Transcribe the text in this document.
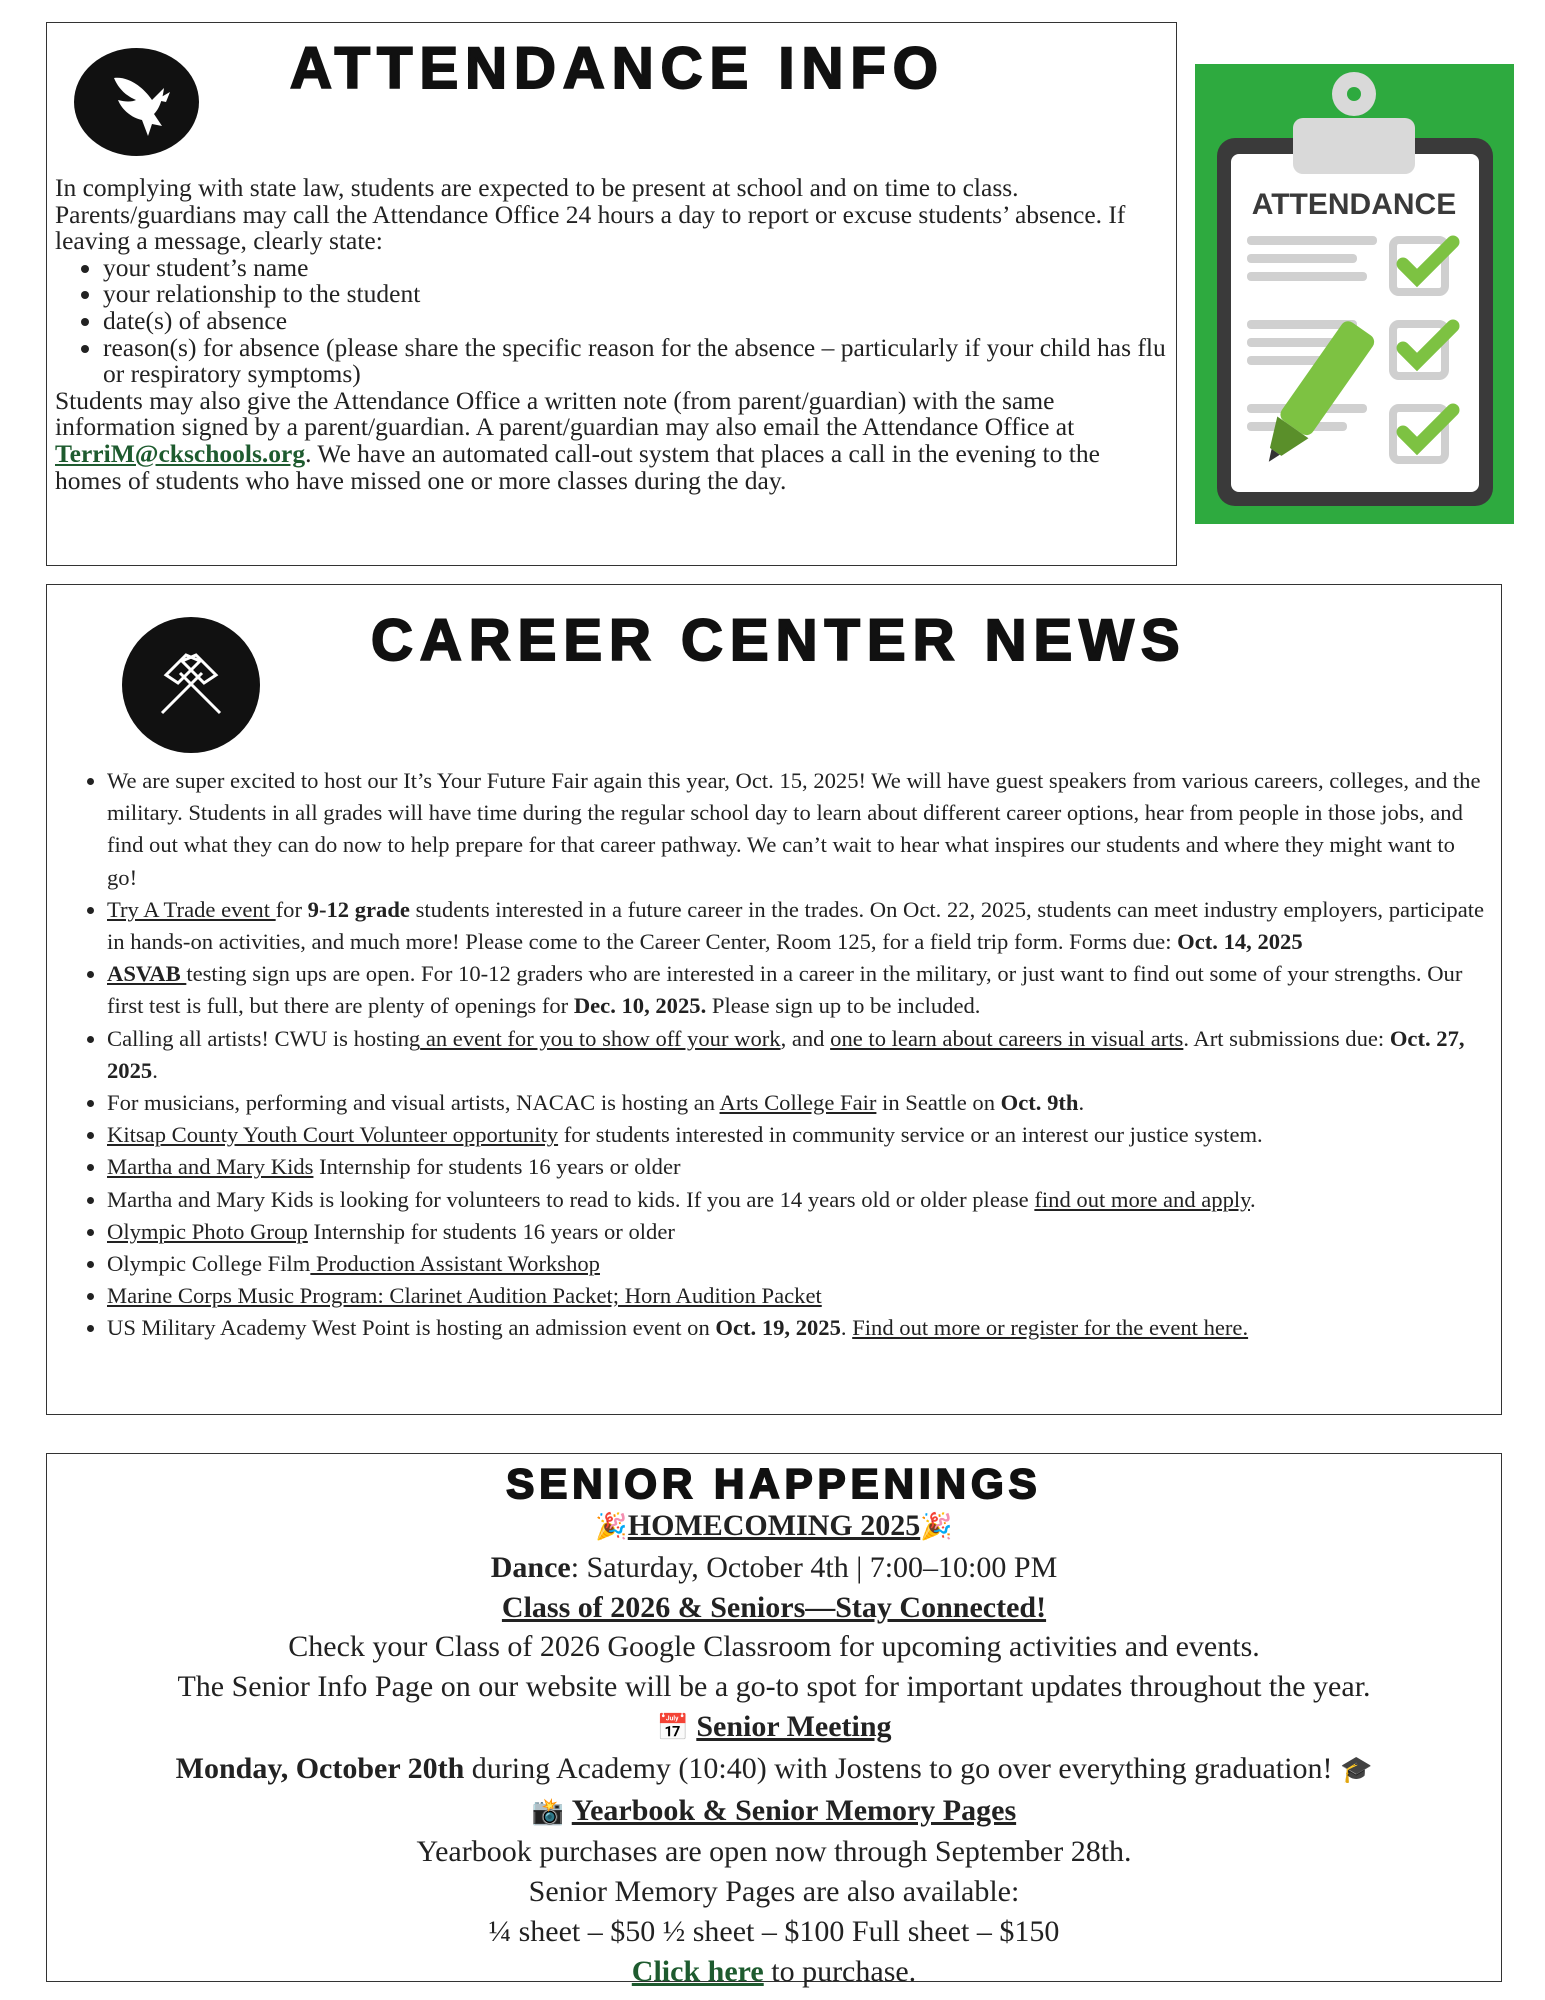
ATTENDANCE INFO
In complying with state law, students are expected to be present at school and on time to class. Parents/guardians may call the Attendance Office 24 hours a day to report or excuse students’ absence. If leaving a message, clearly state:
• your student’s name
• your relationship to the student
• date(s) of absence
• reason(s) for absence (please share the specific reason for the absence – particularly if your child has flu or respiratory symptoms)
Students may also give the Attendance Office a written note (from parent/guardian) with the same information signed by a parent/guardian. A parent/guardian may also email the Attendance Office at TerriM@ckschools.org. We have an automated call-out system that places a call in the evening to the homes of students who have missed one or more classes during the day.
ATTENDANCE
CAREER CENTER NEWS
• We are super excited to host our It’s Your Future Fair again this year, Oct. 15, 2025! We will have guest speakers from various careers, colleges, and the military. Students in all grades will have time during the regular school day to learn about different career options, hear from people in those jobs, and find out what they can do now to help prepare for that career pathway. We can’t wait to hear what inspires our students and where they might want to go!
• Try A Trade event for 9-12 grade students interested in a future career in the trades. On Oct. 22, 2025, students can meet industry employers, participate in hands-on activities, and much more! Please come to the Career Center, Room 125, for a field trip form. Forms due: Oct. 14, 2025
• ASVAB testing sign ups are open. For 10-12 graders who are interested in a career in the military, or just want to find out some of your strengths. Our first test is full, but there are plenty of openings for Dec. 10, 2025. Please sign up to be included.
• Calling all artists! CWU is hosting an event for you to show off your work, and one to learn about careers in visual arts. Art submissions due: Oct. 27, 2025.
• For musicians, performing and visual artists, NACAC is hosting an Arts College Fair in Seattle on Oct. 9th.
• Kitsap County Youth Court Volunteer opportunity for students interested in community service or an interest our justice system.
• Martha and Mary Kids Internship for students 16 years or older
• Martha and Mary Kids is looking for volunteers to read to kids. If you are 14 years old or older please find out more and apply.
• Olympic Photo Group Internship for students 16 years or older
• Olympic College Film Production Assistant Workshop
• Marine Corps Music Program: Clarinet Audition Packet; Horn Audition Packet
• US Military Academy West Point is hosting an admission event on Oct. 19, 2025. Find out more or register for the event here.
SENIOR HAPPENINGS
🎉HOMECOMING 2025🎉
Dance: Saturday, October 4th | 7:00–10:00 PM
Class of 2026 & Seniors—Stay Connected!
Check your Class of 2026 Google Classroom for upcoming activities and events.
The Senior Info Page on our website will be a go-to spot for important updates throughout the year.
📅 Senior Meeting
Monday, October 20th during Academy (10:40) with Jostens to go over everything graduation! 🎓
📸 Yearbook & Senior Memory Pages
Yearbook purchases are open now through September 28th.
Senior Memory Pages are also available:
¼ sheet – $50 ½ sheet – $100 Full sheet – $150
Click here to purchase.
